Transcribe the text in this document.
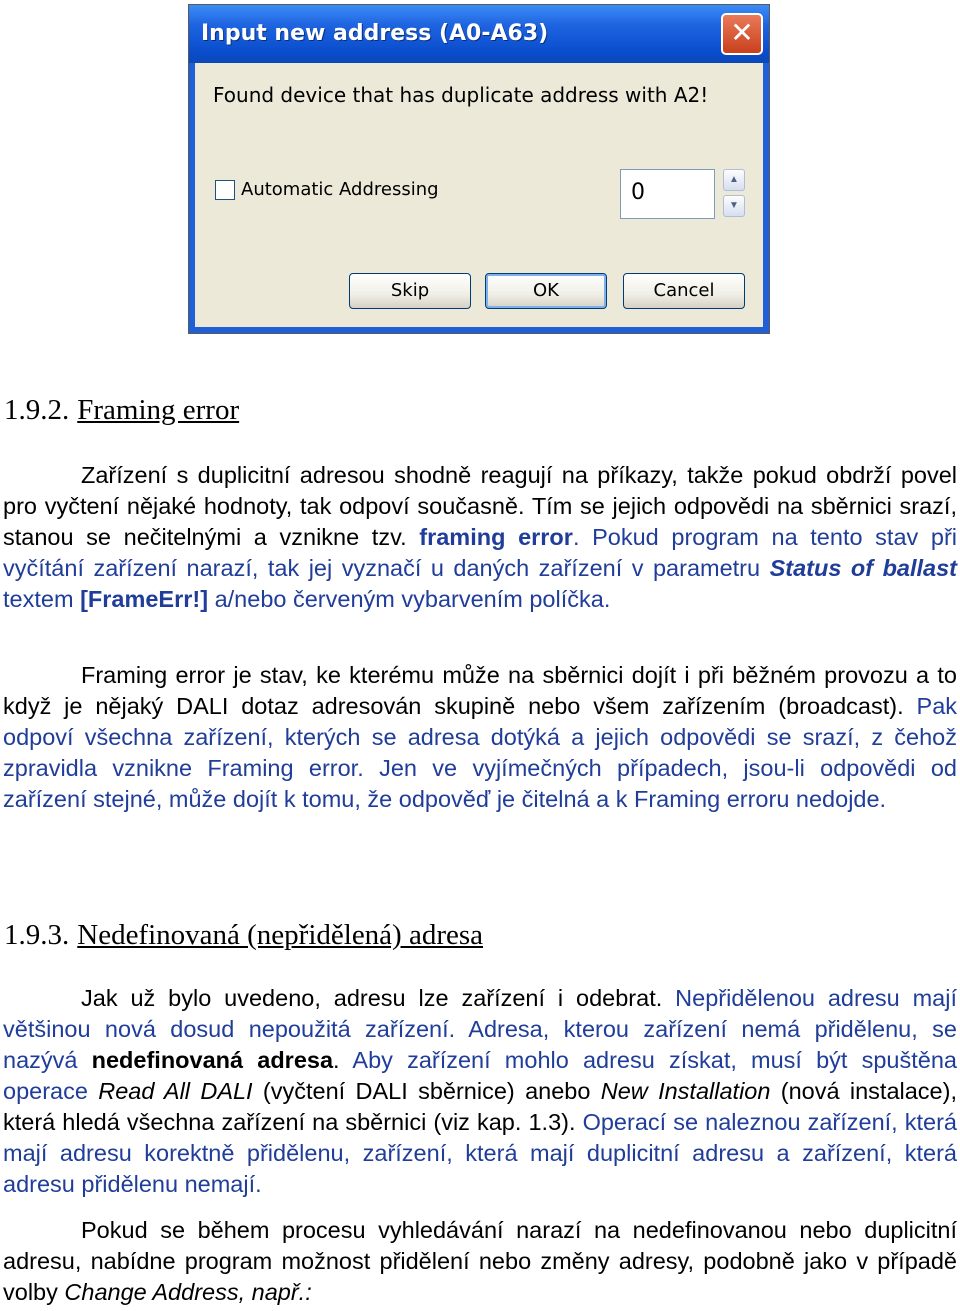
Input new address (A0-A63)	✕
Found device that has duplicate address with A2!
Automatic Addressing	0
▲
▼
Skip	OK	Cancel
1.9.2. Framing error

Zařízení s duplicitní adresou shodně reagují na příkazy, takže pokud obdrží povel pro vyčtení nějaké hodnoty, tak odpoví současně. Tím se jejich odpovědi na sběrnici srazí, stanou se nečitelnými a vznikne tzv. framing error. Pokud program na tento stav při vyčítání zařízení narazí, tak jej vyznačí u daných zařízení v parametru Status of ballast textem [FrameErr!] a/nebo červeným vybarvením políčka.

Framing error je stav, ke kterému může na sběrnici dojít i při běžném provozu a to když je nějaký DALI dotaz adresován skupině nebo všem zařízením (broadcast). Pak odpoví všechna zařízení, kterých se adresa dotýká a jejich odpovědi se srazí, z čehož zpravidla vznikne Framing error. Jen ve vyjímečných případech, jsou-li odpovědi od zařízení stejné, může dojít k tomu, že odpověď je čitelná a k Framing erroru nedojde.

1.9.3. Nedefinovaná (nepřidělená) adresa

Jak už bylo uvedeno, adresu lze zařízení i odebrat. Nepřidělenou adresu mají většinou nová dosud nepoužitá zařízení. Adresa, kterou zařízení nemá přidělenu, se nazývá nedefinovaná adresa. Aby zařízení mohlo adresu získat, musí být spuštěna operace Read All DALI (vyčtení DALI sběrnice) anebo New Installation (nová instalace), která hledá všechna zařízení na sběrnici (viz kap. 1.3). Operací se naleznou zařízení, která mají adresu korektně přidělenu, zařízení, která mají duplicitní adresu a zařízení, která adresu přidělenu nemají.

Pokud se během procesu vyhledávání narazí na nedefinovanou nebo duplicitní adresu, nabídne program možnost přidělení nebo změny adresy, podobně jako v případě volby Change Address, např.:
